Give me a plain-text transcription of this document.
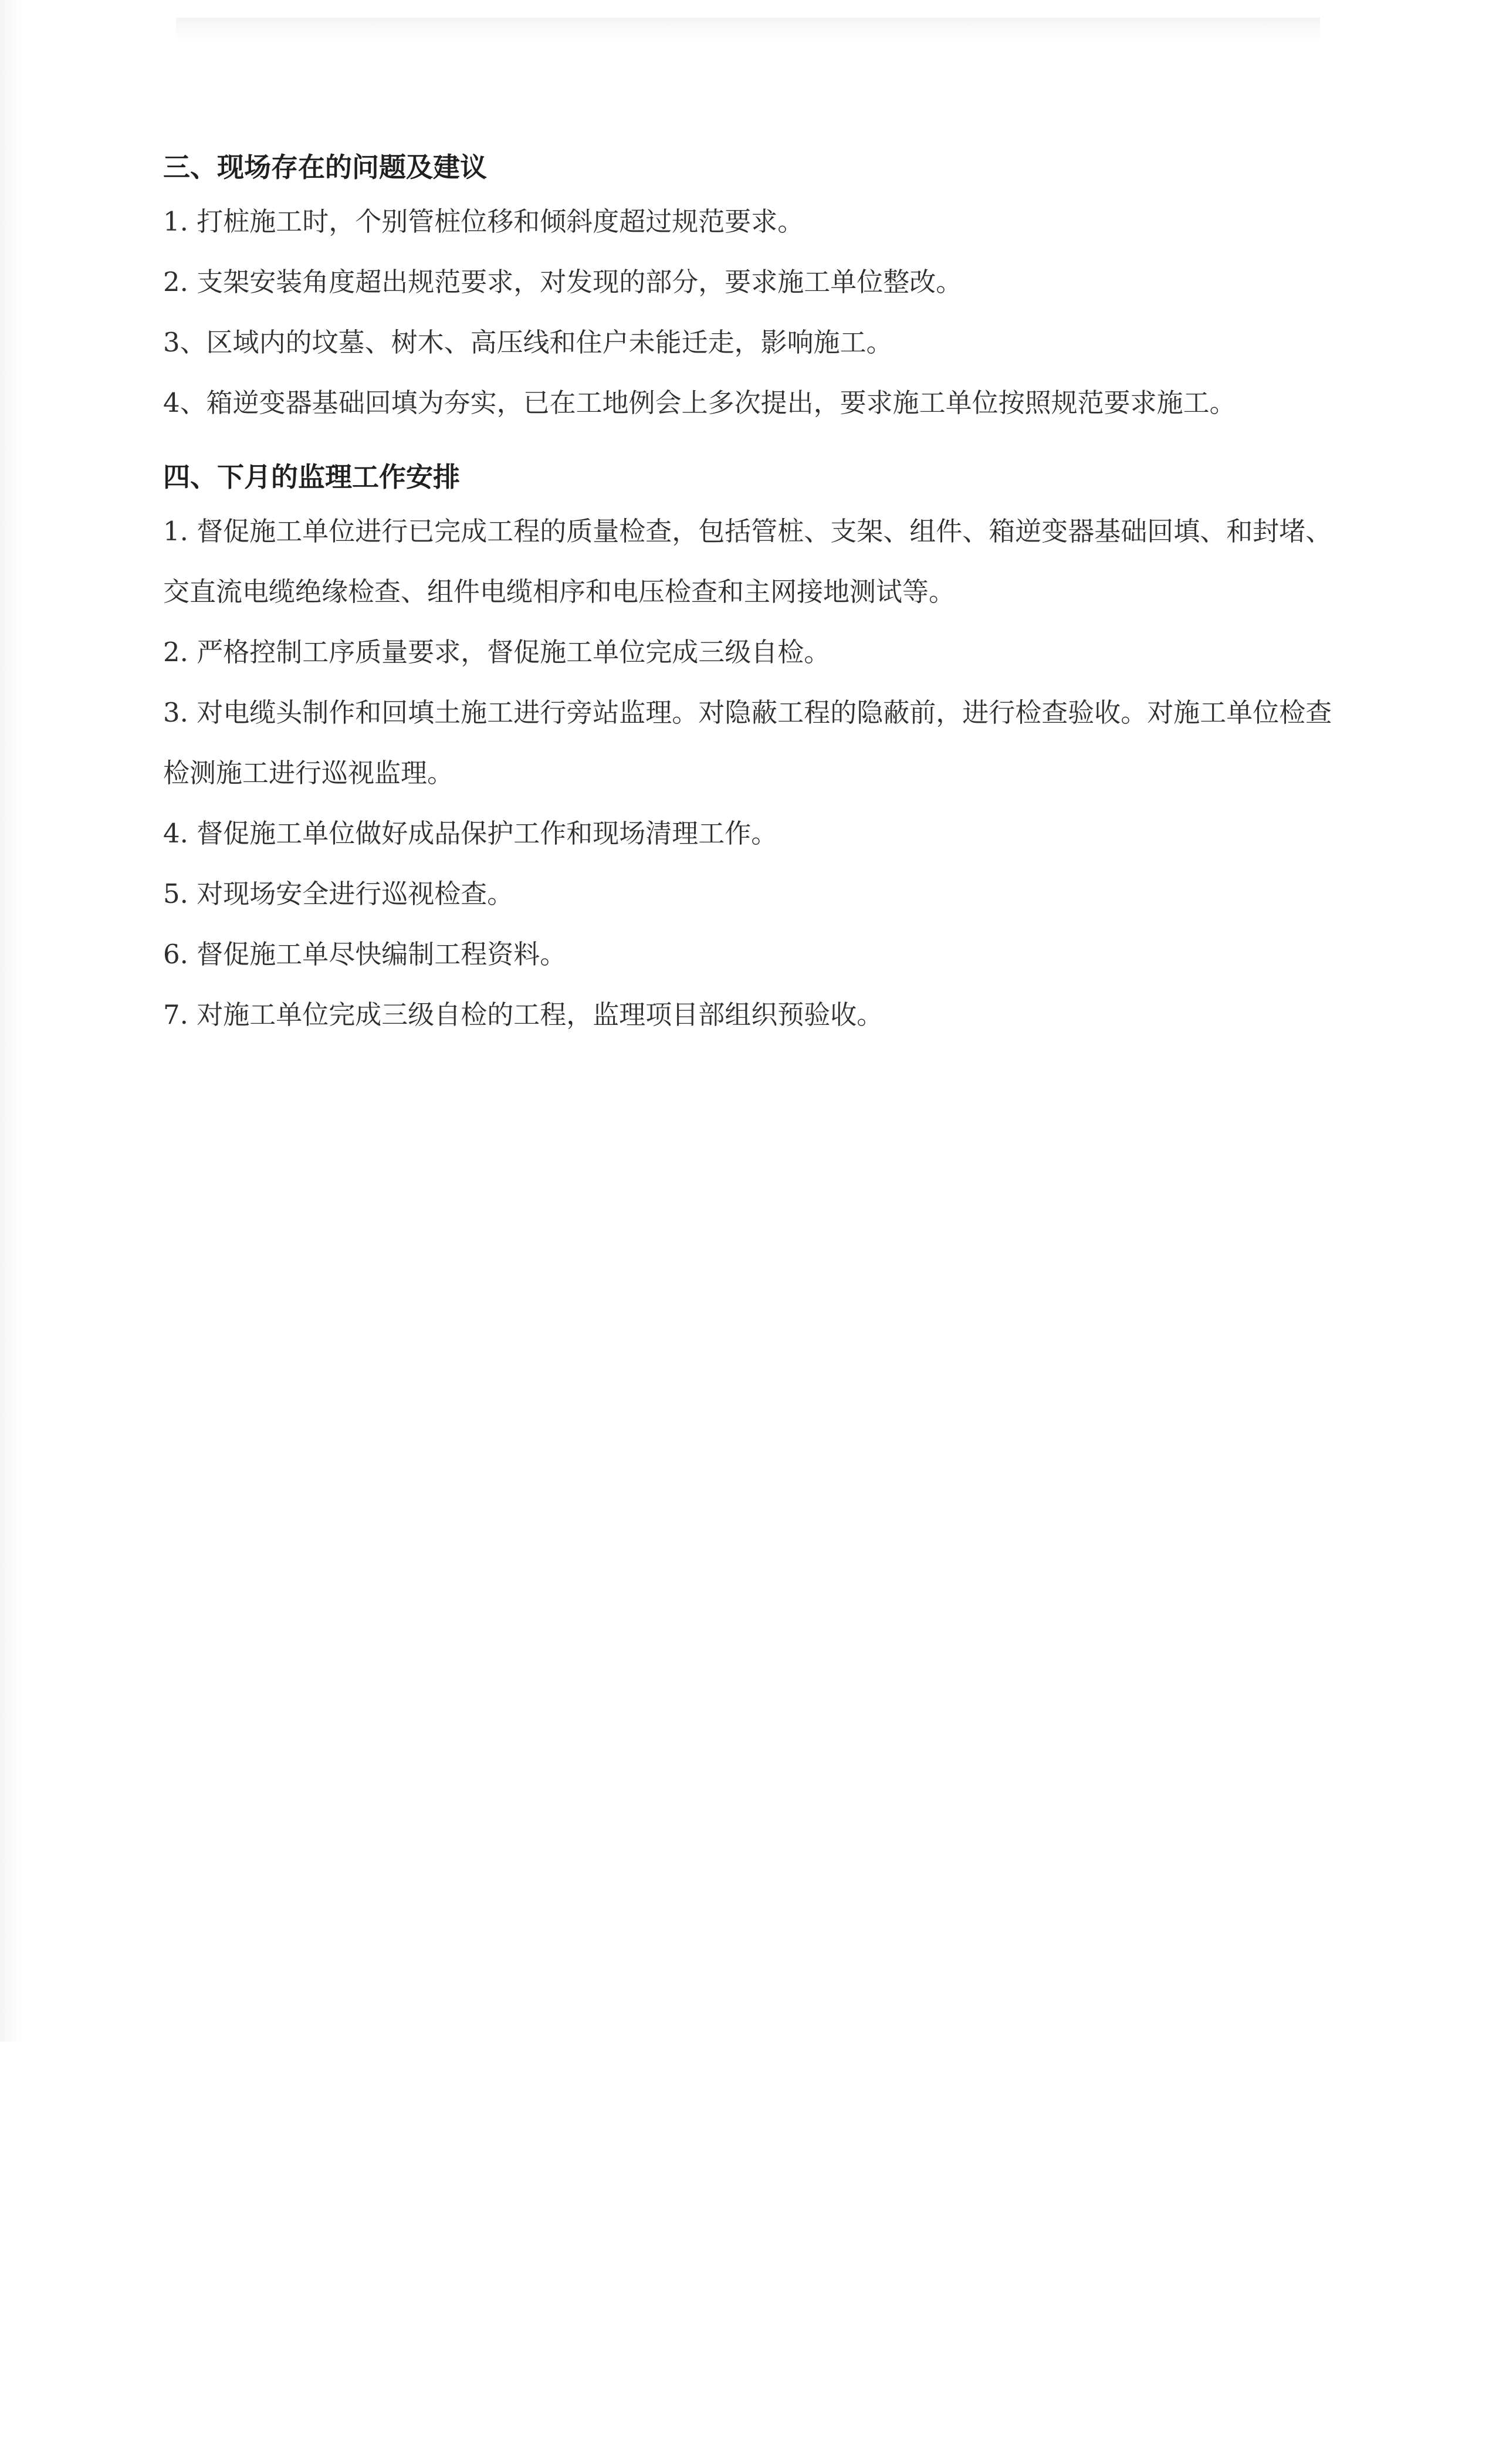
三、现场存在的问题及建议

1. 打桩施工时，个别管桩位移和倾斜度超过规范要求。

2. 支架安装角度超出规范要求，对发现的部分，要求施工单位整改。

3、区域内的坟墓、树木、高压线和住户未能迁走，影响施工。

4、箱逆变器基础回填为夯实，已在工地例会上多次提出，要求施工单位按照规范要求施工。

四、下月的监理工作安排

1. 督促施工单位进行已完成工程的质量检查，包括管桩、支架、组件、箱逆变器基础回填、和封堵、交直流电缆绝缘检查、组件电缆相序和电压检查和主网接地测试等。

2. 严格控制工序质量要求，督促施工单位完成三级自检。

3. 对电缆头制作和回填土施工进行旁站监理。对隐蔽工程的隐蔽前，进行检查验收。对施工单位检查检测施工进行巡视监理。

4. 督促施工单位做好成品保护工作和现场清理工作。

5. 对现场安全进行巡视检查。

6. 督促施工单尽快编制工程资料。

7. 对施工单位完成三级自检的工程，监理项目部组织预验收。
